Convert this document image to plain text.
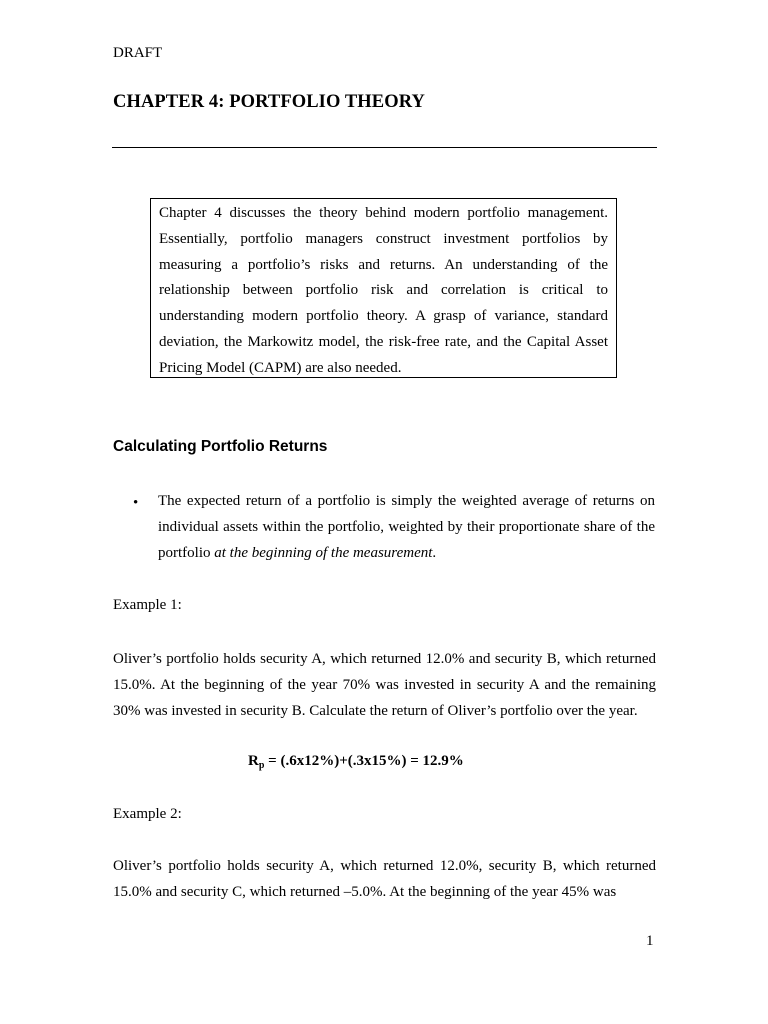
DRAFT
CHAPTER 4: PORTFOLIO THEORY

Chapter 4 discusses the theory behind modern portfolio management. Essentially, portfolio managers construct investment portfolios by measuring a portfolio’s risks and returns. An understanding of the relationship between portfolio risk and correlation is critical to understanding modern portfolio theory. A grasp of variance, standard deviation, the Markowitz model, the risk-free rate, and the Capital Asset Pricing Model (CAPM) are also needed.

Calculating Portfolio Returns
• The expected return of a portfolio is simply the weighted average of returns on individual assets within the portfolio, weighted by their proportionate share of the portfolio at the beginning of the measurement.

Example 1:

Oliver’s portfolio holds security A, which returned 12.0% and security B, which returned 15.0%. At the beginning of the year 70% was invested in security A and the remaining 30% was invested in security B. Calculate the return of Oliver’s portfolio over the year.

$R_p = (.6x12\%)+(.3x15\%) = 12.9\%$
Example 2:

Oliver’s portfolio holds security A, which returned 12.0%, security B, which returned 15.0% and security C, which returned –5.0%. At the beginning of the year 45% was

1
